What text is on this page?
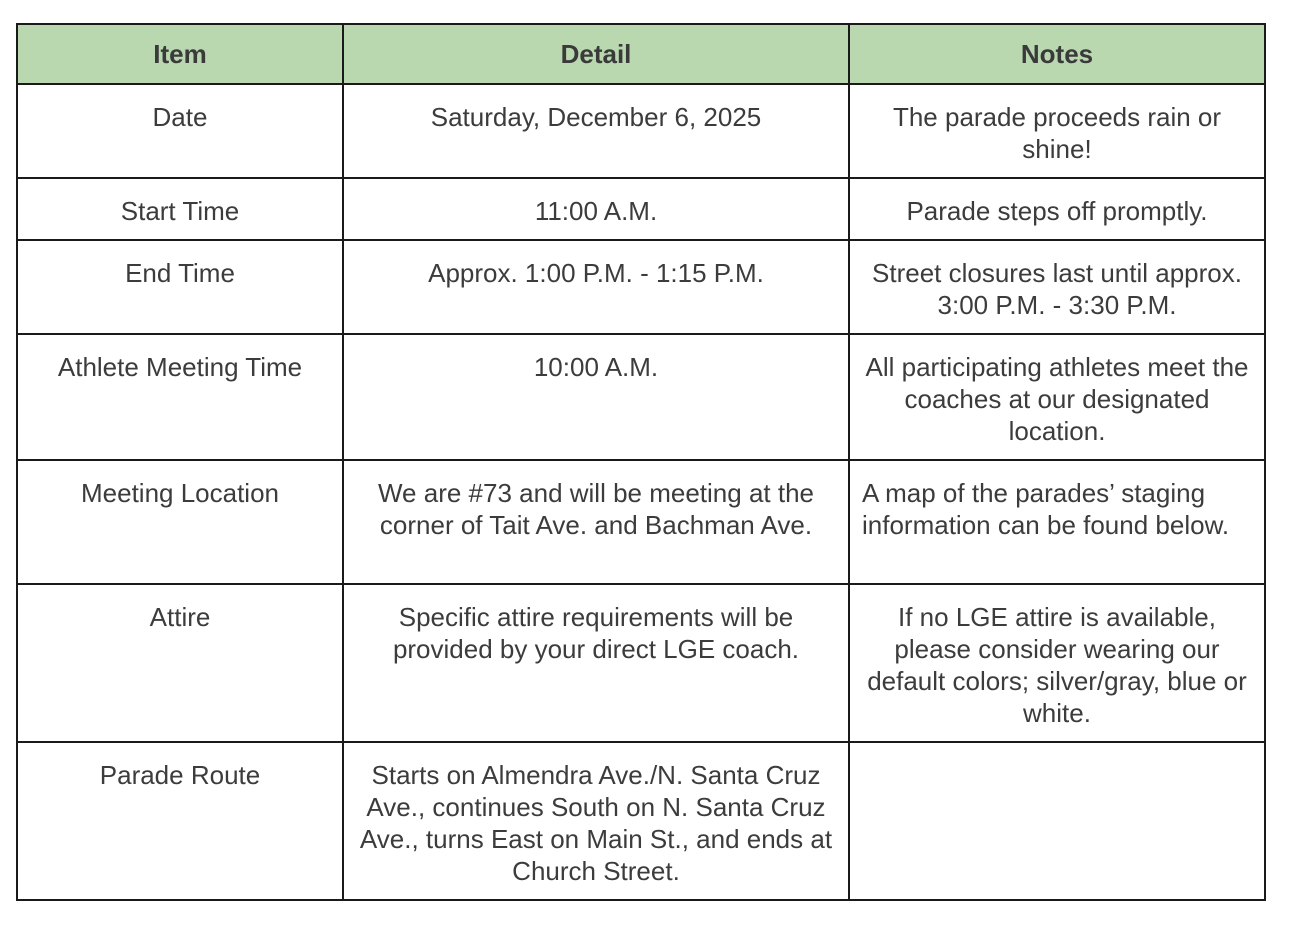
Item	Detail	Notes
Date	Saturday, December 6, 2025	The parade proceeds rain or shine!
Start Time	11:00 A.M.	Parade steps off promptly.
End Time	Approx. 1:00 P.M. - 1:15 P.M.	Street closures last until approx. 3:00 P.M. - 3:30 P.M.
Athlete Meeting Time	10:00 A.M.	All participating athletes meet the coaches at our designated location.
Meeting Location	We are #73 and will be meeting at the corner of Tait Ave. and Bachman Ave.	A map of the parades’ staging information can be found below.
Attire	Specific attire requirements will be provided by your direct LGE coach.	If no LGE attire is available, please consider wearing our default colors; silver/gray, blue or white.
Parade Route	Starts on Almendra Ave./N. Santa Cruz Ave., continues South on N. Santa Cruz Ave., turns East on Main St., and ends at Church Street.	
